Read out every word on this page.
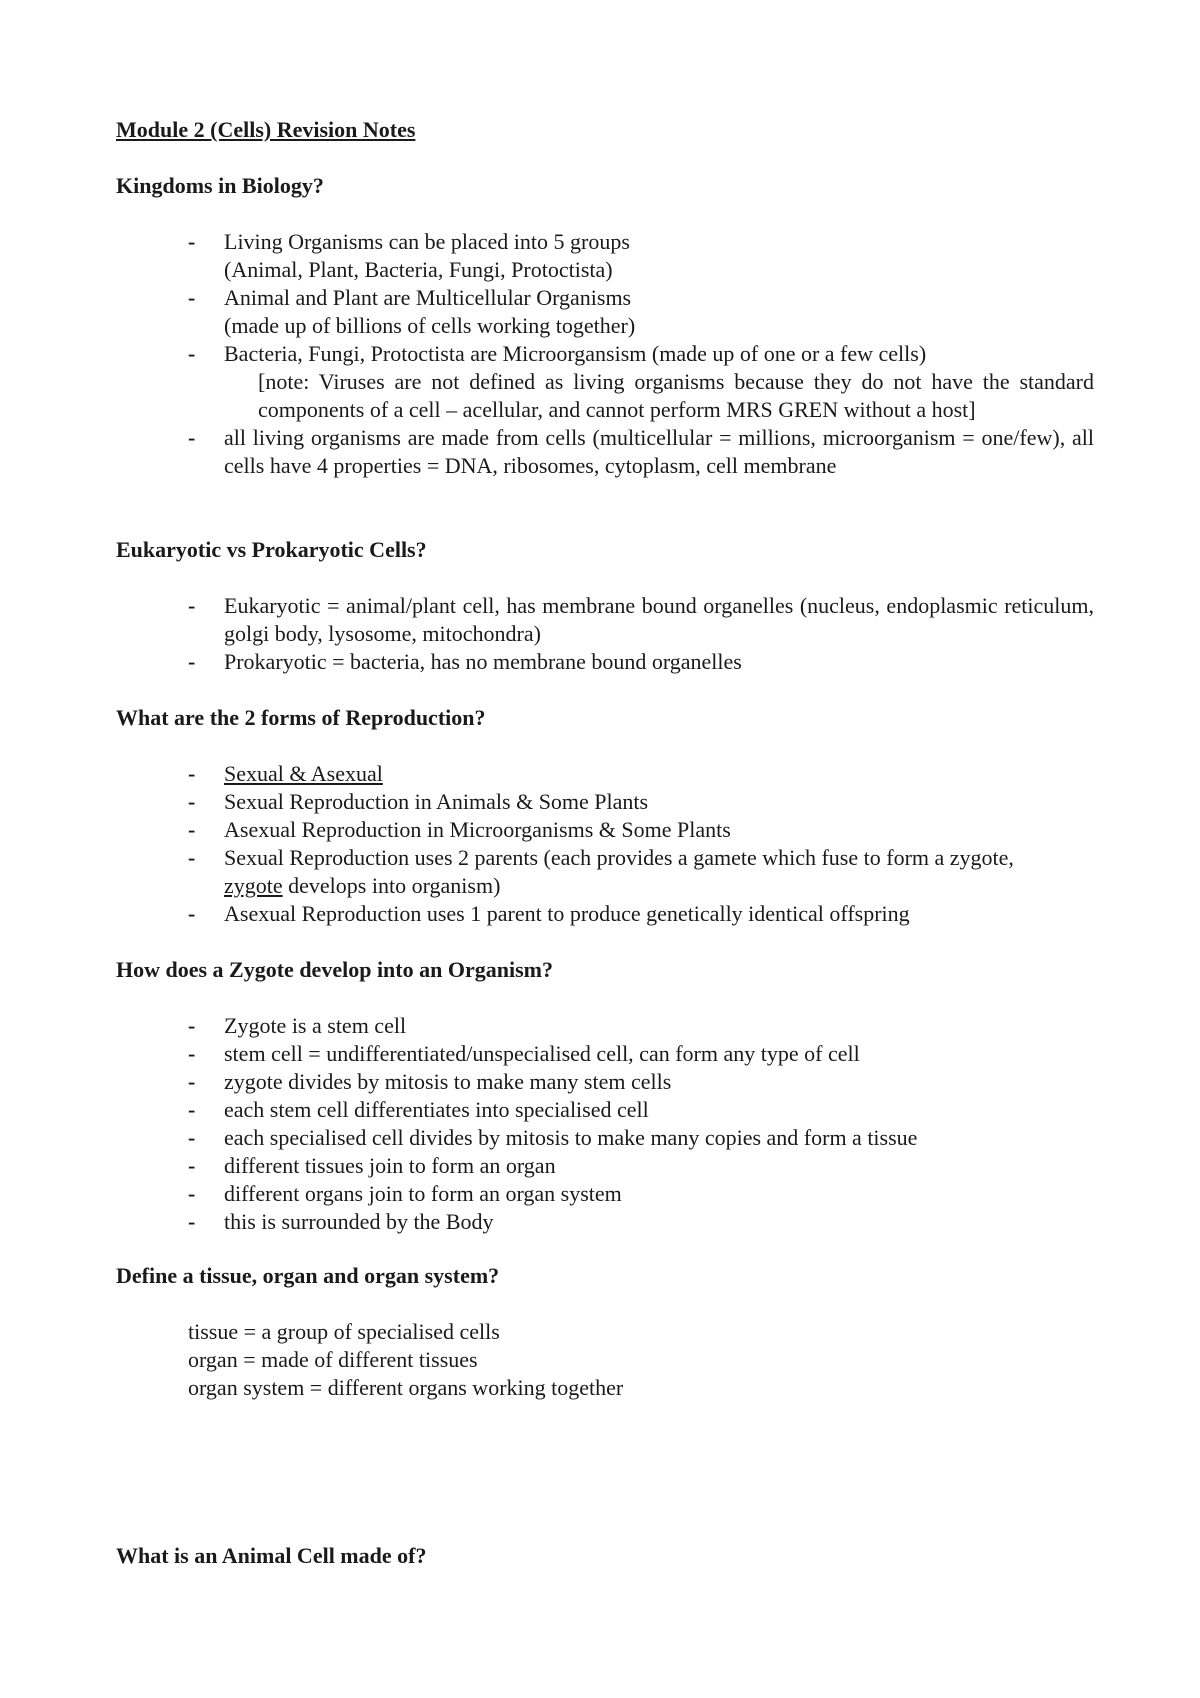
Module 2 (Cells) Revision Notes

Kingdoms in Biology?

- Living Organisms can be placed into 5 groups
(Animal, Plant, Bacteria, Fungi, Protoctista)
- Animal and Plant are Multicellular Organisms
(made up of billions of cells working together)
- Bacteria, Fungi, Protoctista are Microorgansism (made up of one or a few cells)
[note: Viruses are not defined as living organisms because they do not have the standard components of a cell – acellular, and cannot perform MRS GREN without a host]
- all living organisms are made from cells (multicellular = millions, microorganism = one/few), all cells have 4 properties = DNA, ribosomes, cytoplasm, cell membrane

Eukaryotic vs Prokaryotic Cells?

- Eukaryotic = animal/plant cell, has membrane bound organelles (nucleus, endoplasmic reticulum, golgi body, lysosome, mitochondra)
- Prokaryotic = bacteria, has no membrane bound organelles

What are the 2 forms of Reproduction?

- Sexual & Asexual
- Sexual Reproduction in Animals & Some Plants
- Asexual Reproduction in Microorganisms & Some Plants
- Sexual Reproduction uses 2 parents (each provides a gamete which fuse to form a zygote, zygote develops into organism)
- Asexual Reproduction uses 1 parent to produce genetically identical offspring

How does a Zygote develop into an Organism?

- Zygote is a stem cell
- stem cell = undifferentiated/unspecialised cell, can form any type of cell
- zygote divides by mitosis to make many stem cells
- each stem cell differentiates into specialised cell
- each specialised cell divides by mitosis to make many copies and form a tissue
- different tissues join to form an organ
- different organs join to form an organ system
- this is surrounded by the Body

Define a tissue, organ and organ system?

tissue = a group of specialised cells
organ = made of different tissues
organ system = different organs working together

What is an Animal Cell made of?
